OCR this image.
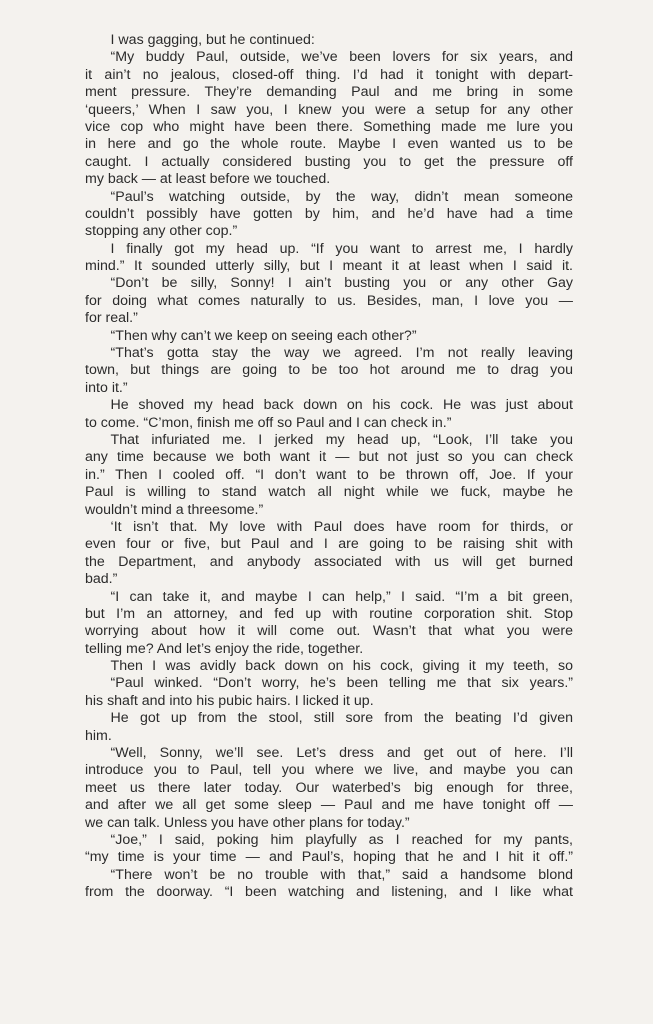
I was gagging, but he continued:
“My buddy Paul, outside, we’ve been lovers for six years, and
it ain’t no jealous, closed-off thing. I’d had it tonight with depart-
ment pressure. They’re demanding Paul and me bring in some
‘queers,’ When I saw you, I knew you were a setup for any other
vice cop who might have been there. Something made me lure you
in here and go the whole route. Maybe I even wanted us to be
caught. I actually considered busting you to get the pressure off
my back — at least before we touched.
“Paul’s watching outside, by the way, didn’t mean someone
couldn’t possibly have gotten by him, and he’d have had a time
stopping any other cop.”
I finally got my head up. “If you want to arrest me, I hardly
mind.” It sounded utterly silly, but I meant it at least when I said it.
“Don’t be silly, Sonny! I ain’t busting you or any other Gay
for doing what comes naturally to us. Besides, man, I love you —
for real.”
“Then why can’t we keep on seeing each other?”
“That’s gotta stay the way we agreed. I’m not really leaving
town, but things are going to be too hot around me to drag you
into it.”
He shoved my head back down on his cock. He was just about
to come. “C’mon, finish me off so Paul and I can check in.”
That infuriated me. I jerked my head up, “Look, I’ll take you
any time because we both want it — but not just so you can check
in.” Then I cooled off. “I don’t want to be thrown off, Joe. If your
Paul is willing to stand watch all night while we fuck, maybe he
wouldn’t mind a threesome.”
‘It isn’t that. My love with Paul does have room for thirds, or
even four or five, but Paul and I are going to be raising shit with
the Department, and anybody associated with us will get burned
bad.”
“I can take it, and maybe I can help,” I said. “I’m a bit green,
but I’m an attorney, and fed up with routine corporation shit. Stop
worrying about how it will come out. Wasn’t that what you were
telling me? And let’s enjoy the ride, together.
Then I was avidly back down on his cock, giving it my teeth, so
“Paul winked. “Don’t worry, he’s been telling me that six years.”
his shaft and into his pubic hairs. I licked it up.
He got up from the stool, still sore from the beating I’d given
him.
“Well, Sonny, we’ll see. Let’s dress and get out of here. I’ll
introduce you to Paul, tell you where we live, and maybe you can
meet us there later today. Our waterbed’s big enough for three,
and after we all get some sleep — Paul and me have tonight off —
we can talk. Unless you have other plans for today.”
“Joe,” I said, poking him playfully as I reached for my pants,
“my time is your time — and Paul’s, hoping that he and I hit it off.”
“There won’t be no trouble with that,” said a handsome blond
from the doorway. “I been watching and listening, and I like what
